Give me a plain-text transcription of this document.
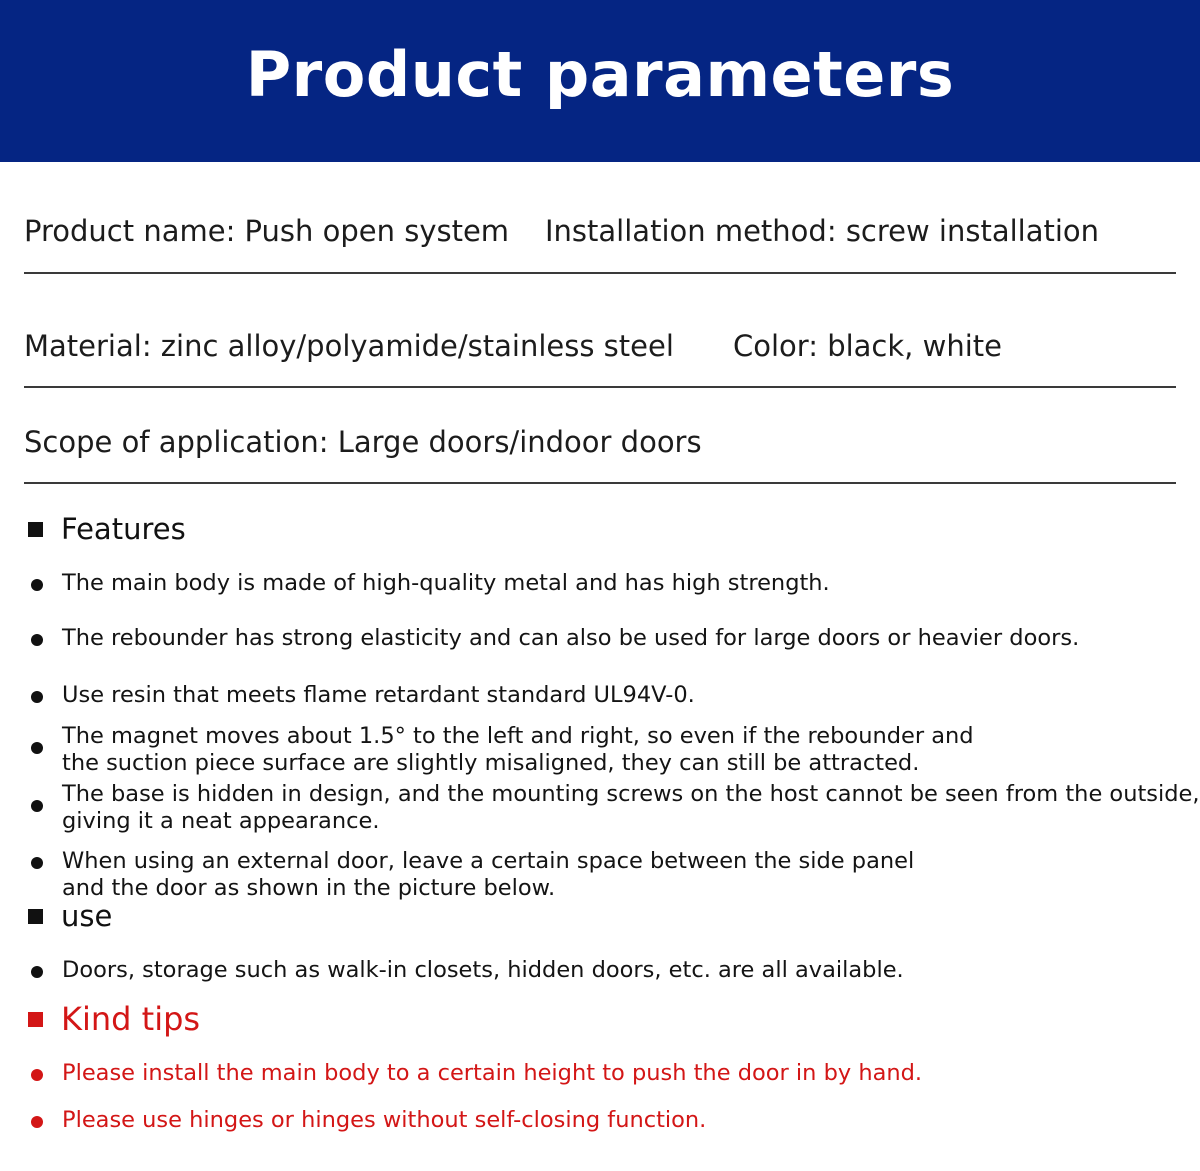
Product parameters
Product name: Push open system Installation method: screw installation
Material: zinc alloy/polyamide/stainless steel Color: black, white
Scope of application: Large doors/indoor doors
Features
The main body is made of high-quality metal and has high strength.
The rebounder has strong elasticity and can also be used for large doors or heavier doors.
Use resin that meets flame retardant standard UL94V-0.
The magnet moves about 1.5° to the left and right, so even if the rebounder and
the suction piece surface are slightly misaligned, they can still be attracted.
The base is hidden in design, and the mounting screws on the host cannot be seen from the outside,
giving it a neat appearance.
When using an external door, leave a certain space between the side panel
and the door as shown in the picture below.
use
Doors, storage such as walk-in closets, hidden doors, etc. are all available.
Kind tips
Please install the main body to a certain height to push the door in by hand.
Please use hinges or hinges without self-closing function.
